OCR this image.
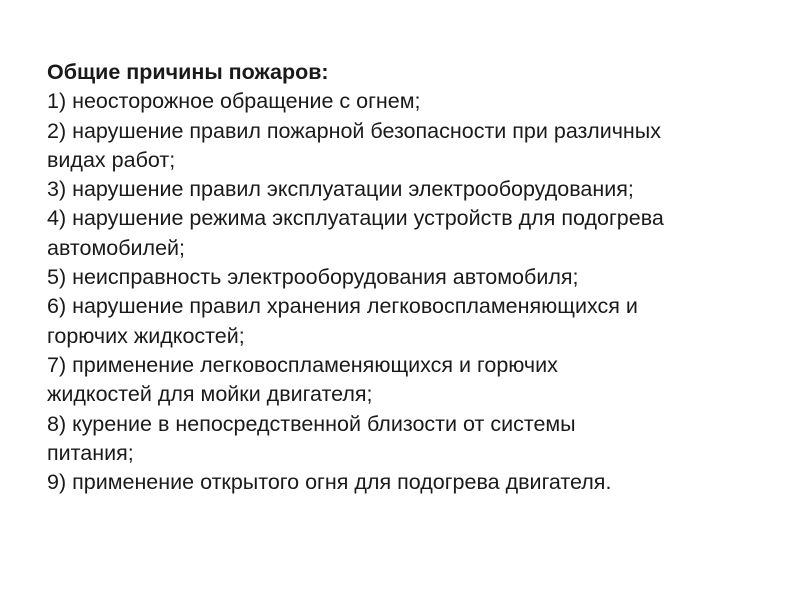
Общие причины пожаров:
1) неосторожное обращение с огнем;
2) нарушение правил пожарной безопасности при различных
видах работ;
3) нарушение правил эксплуатации электрооборудования;
4) нарушение режима эксплуатации устройств для подогрева
автомобилей;
5) неисправность электрооборудования автомобиля;
6) нарушение правил хранения легковоспламеняющихся и
горючих жидкостей;
7) применение легковоспламеняющихся и горючих
жидкостей для мойки двигателя;
8) курение в непосредственной близости от системы
питания;
9) применение открытого огня для подогрева двигателя.
